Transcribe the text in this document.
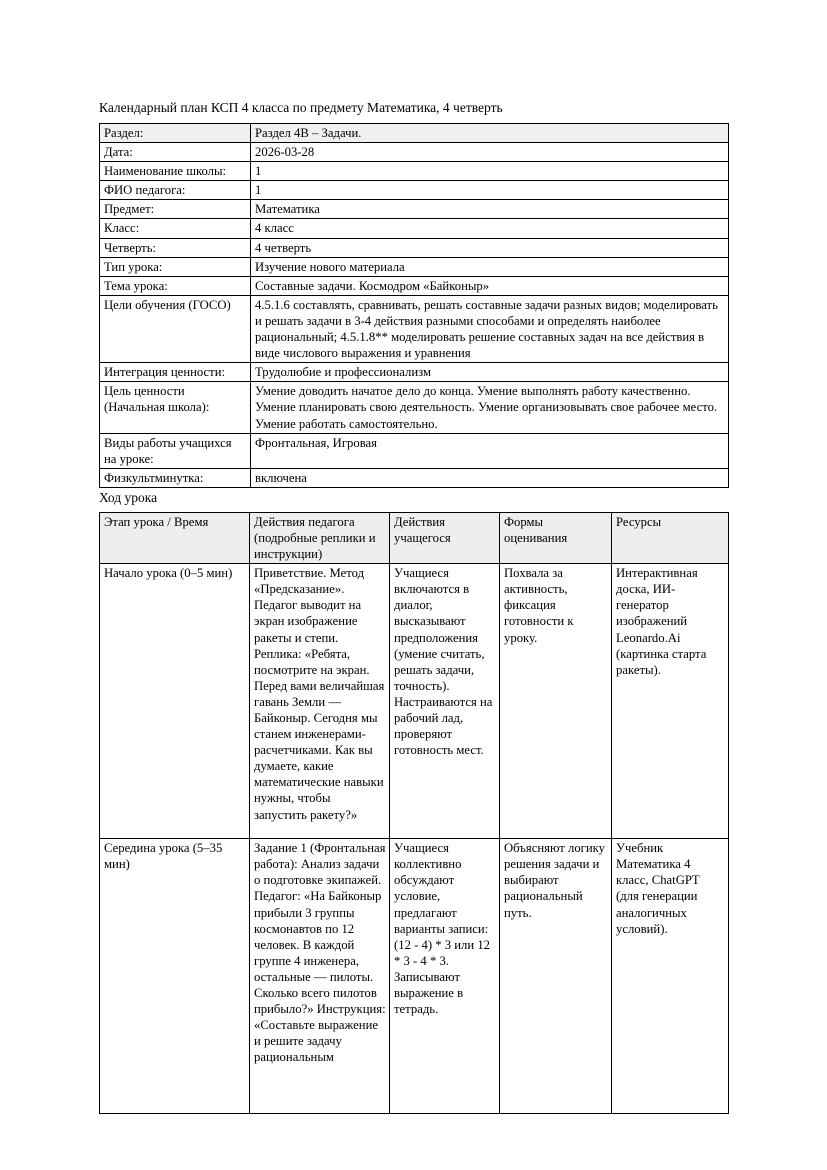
Календарный план КСП 4 класса по предмету Математика, 4 четверть

Раздел:	Раздел 4В – Задачи.
Дата:	2026-03-28
Наименование школы:	1
ФИО педагога:	1
Предмет:	Математика
Класс:	4 класс
Четверть:	4 четверть
Тип урока:	Изучение нового материала
Тема урока:	Составные задачи. Космодром «Байконыр»
Цели обучения (ГОСО)	4.5.1.6 составлять, сравнивать, решать составные задачи разных видов; моделировать и решать задачи в 3-4 действия разными способами и определять наиболее рациональный; 4.5.1.8** моделировать решение составных задач на все действия в виде числового выражения и уравнения
Интеграция ценности:	Трудолюбие и профессионализм
Цель ценности (Начальная школа):	Умение доводить начатое дело до конца. Умение выполнять работу качественно. Умение планировать свою деятельность. Умение организовывать свое рабочее место. Умение работать самостоятельно.
Виды работы учащихся на уроке:	Фронтальная, Игровая
Физкультминутка:	включена

Ход урока

Этап урока / Время	Действия педагога (подробные реплики и инструкции)	Действия учащегося	Формы оценивания	Ресурсы
Начало урока (0–5 мин)	Приветствие. Метод «Предсказание». Педагог выводит на экран изображение ракеты и степи. Реплика: «Ребята, посмотрите на экран. Перед вами величайшая гавань Земли — Байконыр. Сегодня мы станем инженерами-расчетчиками. Как вы думаете, какие математические навыки нужны, чтобы запустить ракету?»	Учащиеся включаются в диалог, высказывают предположения (умение считать, решать задачи, точность). Настраиваются на рабочий лад, проверяют готовность мест.	Похвала за активность, фиксация готовности к уроку.	Интерактивная доска, ИИ-генератор изображений Leonardo.Ai (картинка старта ракеты).
Середина урока (5–35 мин)	Задание 1 (Фронтальная работа): Анализ задачи о подготовке экипажей. Педагог: «На Байконыр прибыли 3 группы космонавтов по 12 человек. В каждой группе 4 инженера, остальные — пилоты. Сколько всего пилотов прибыло?» Инструкция: «Составьте выражение и решите задачу рациональным	Учащиеся коллективно обсуждают условие, предлагают варианты записи: (12 - 4) * 3 или 12 * 3 - 4 * 3. Записывают выражение в тетрадь.	Объясняют логику решения задачи и выбирают рациональный путь.	Учебник Математика 4 класс, ChatGPT (для генерации аналогичных условий).
